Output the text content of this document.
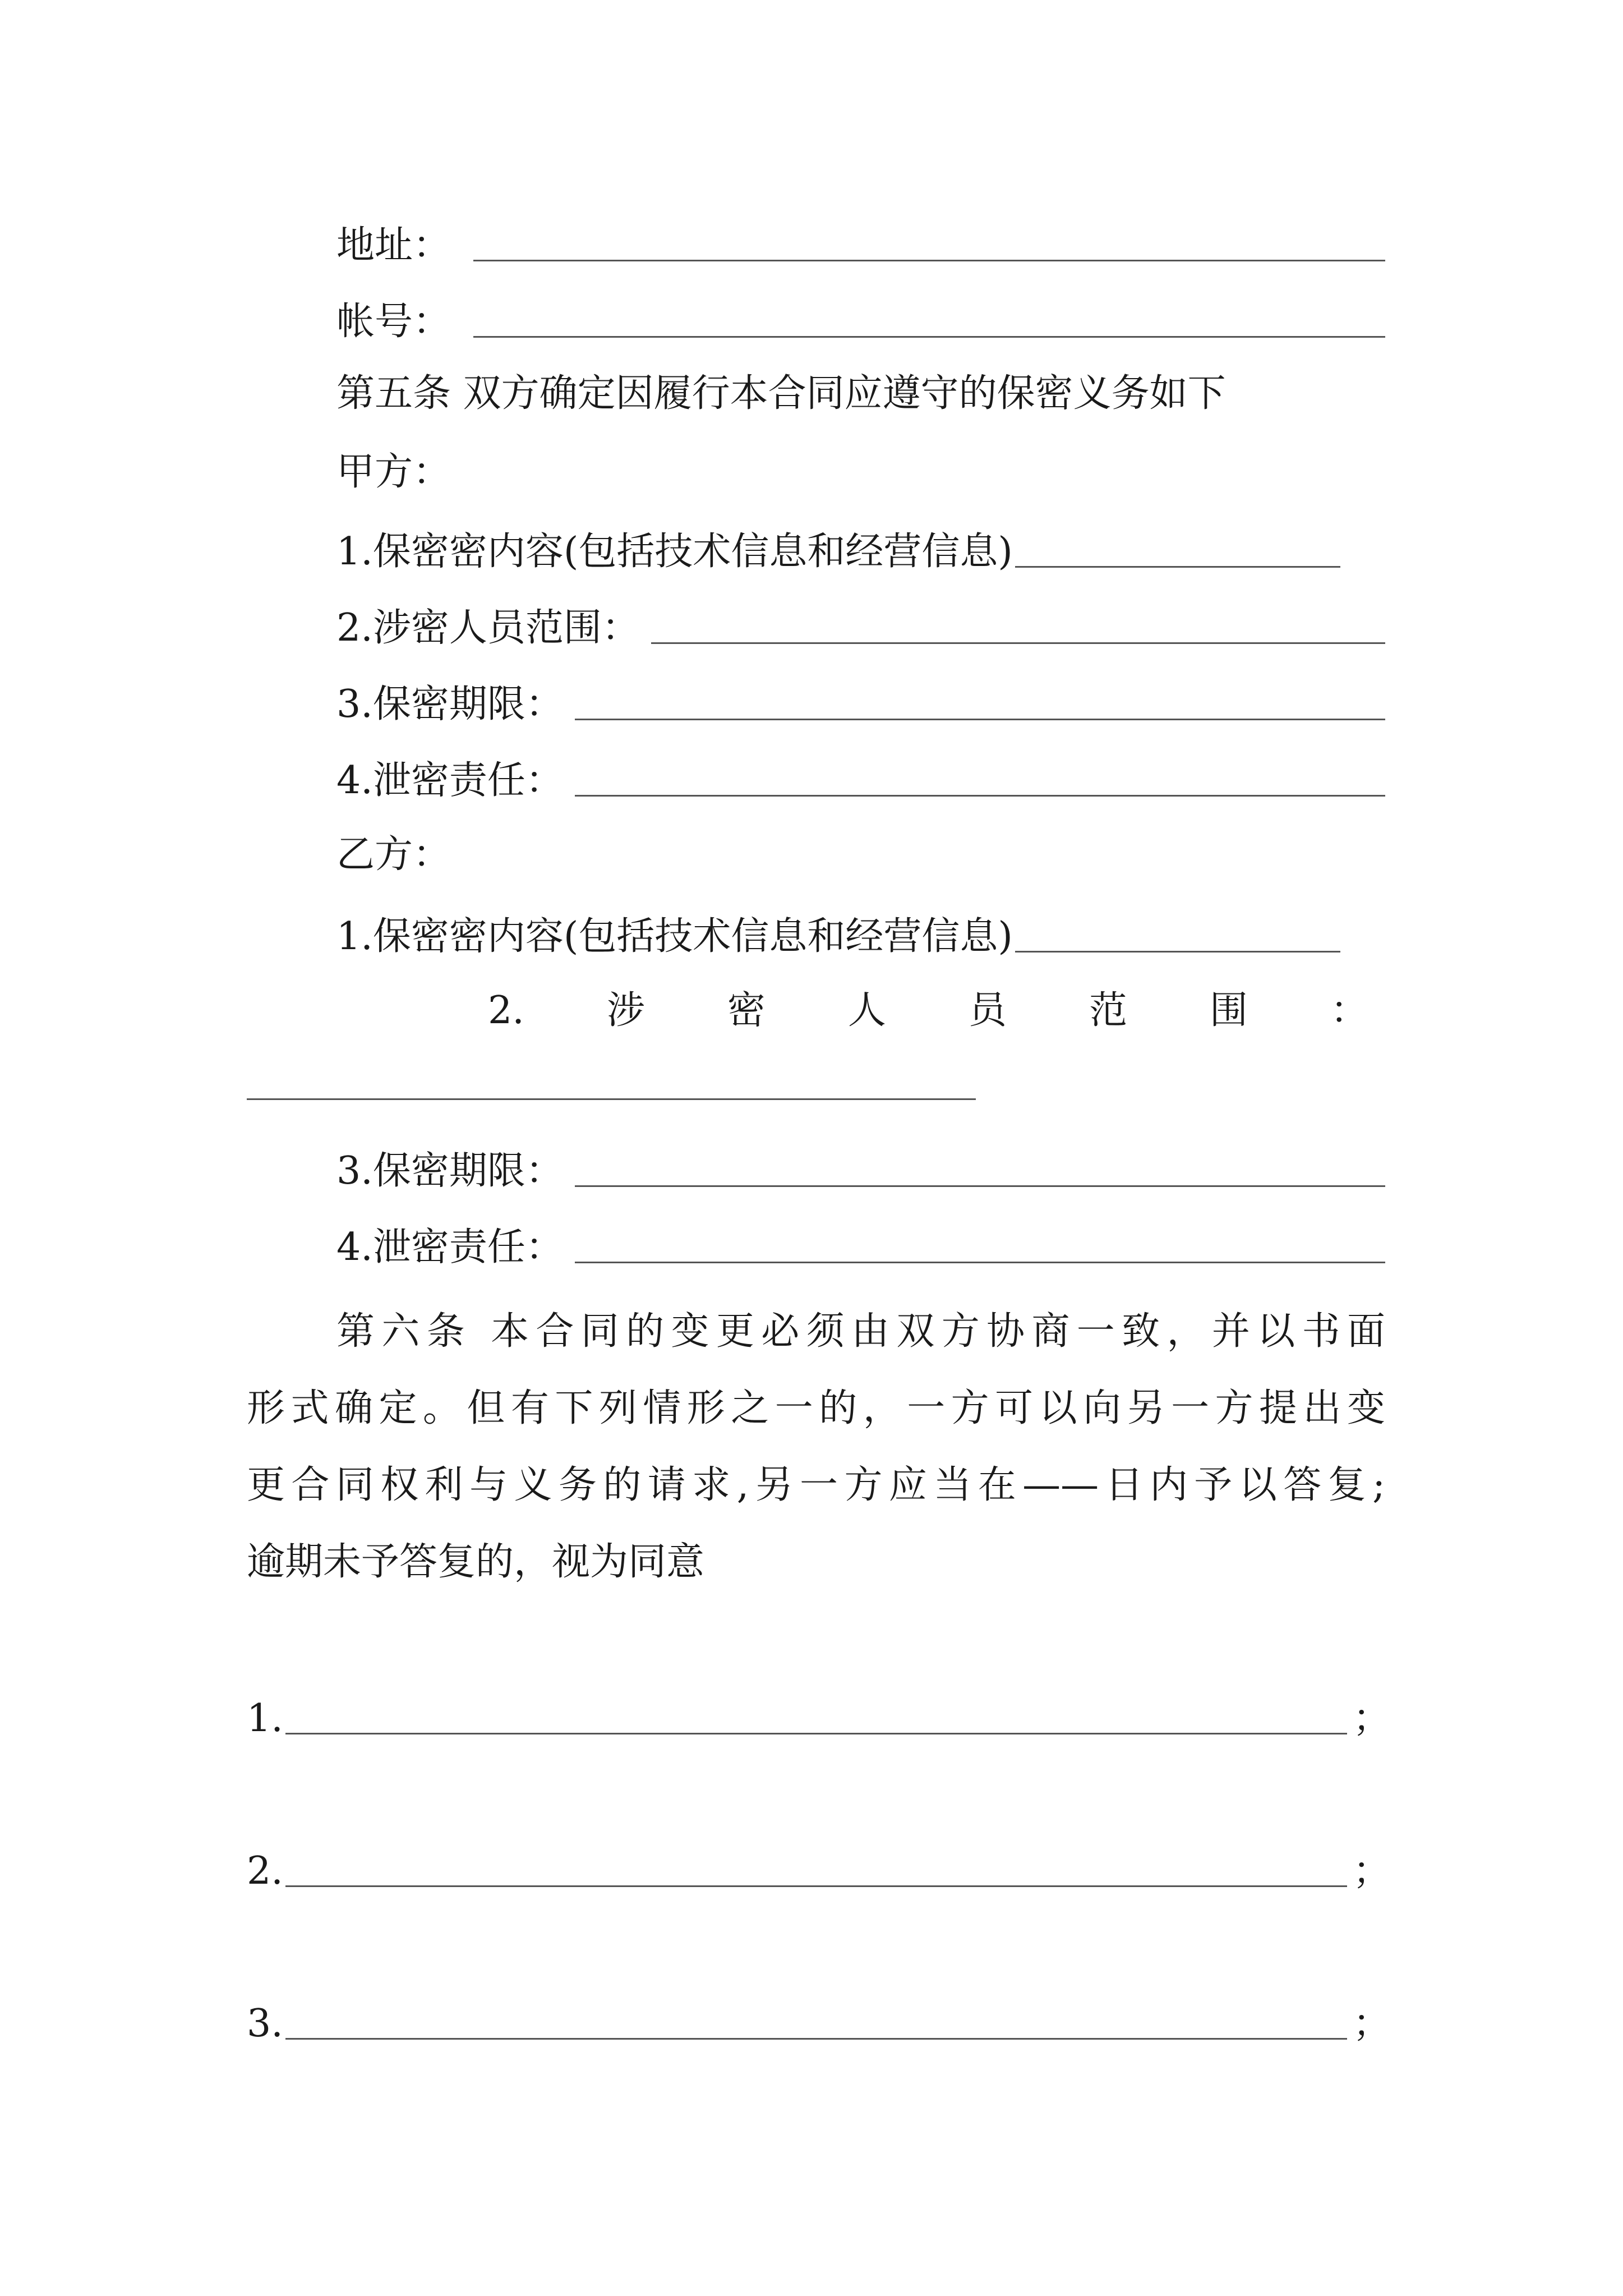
地址：
帐号：
第五条 双方确定因履行本合同应遵守的保密义务如下
甲方：
1.保密密内容(包括技术信息和经营信息)
2.涉密人员范围：
3.保密期限：
4.泄密责任：
乙方：
1.保密密内容(包括技术信息和经营信息)
2. 涉 密 人 员 范 围 ：
3.保密期限：
4.泄密责任：
第六条 本合同的变更必须由双方协商一致，并以书面
形式确定。但有下列情形之一的，一方可以向另一方提出变
更合同权利与义务的请求,另一方应当在——日内予以答复;
逾期未予答复的，视为同意
1.	；
2.	；
3.	；
